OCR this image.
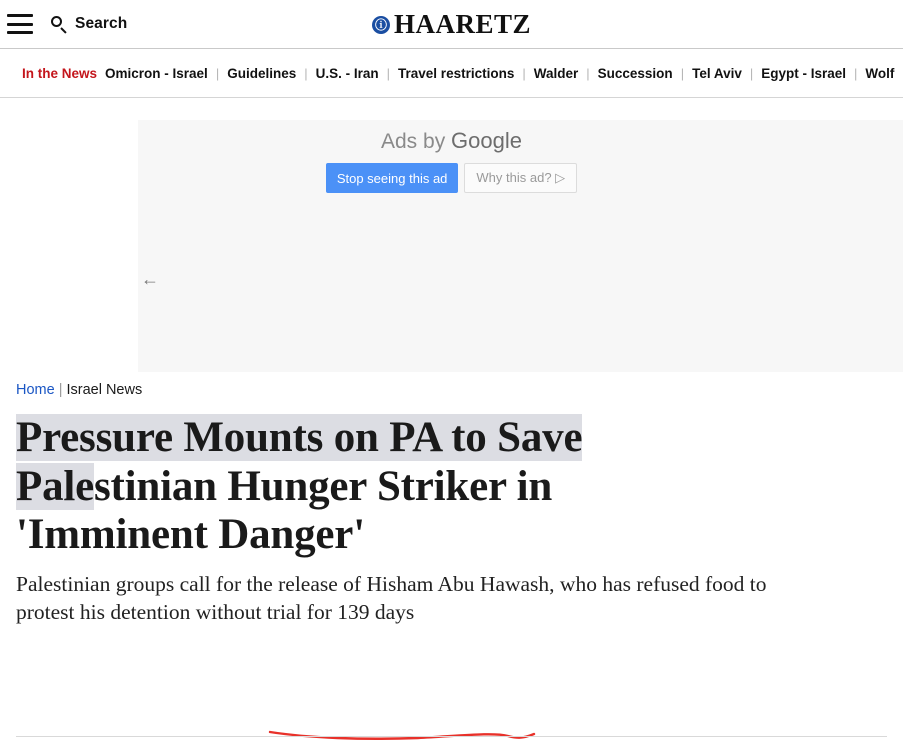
Search	ⓘ HAARETZ
In the News Omicron - Israel | Guidelines | U.S. - Iran | Travel restrictions | Walder | Succession | Tel Aviv | Egypt - Israel | Wolf
←
Ads by Google
Stop seeing this ad	Why this ad? ▷
Home | Israel News
Pressure Mounts on PA to Save
Palestinian Hunger Striker in
'Imminent Danger'

Palestinian groups call for the release of Hisham Abu Hawash, who has refused food to protest his detention without trial for 139 days
